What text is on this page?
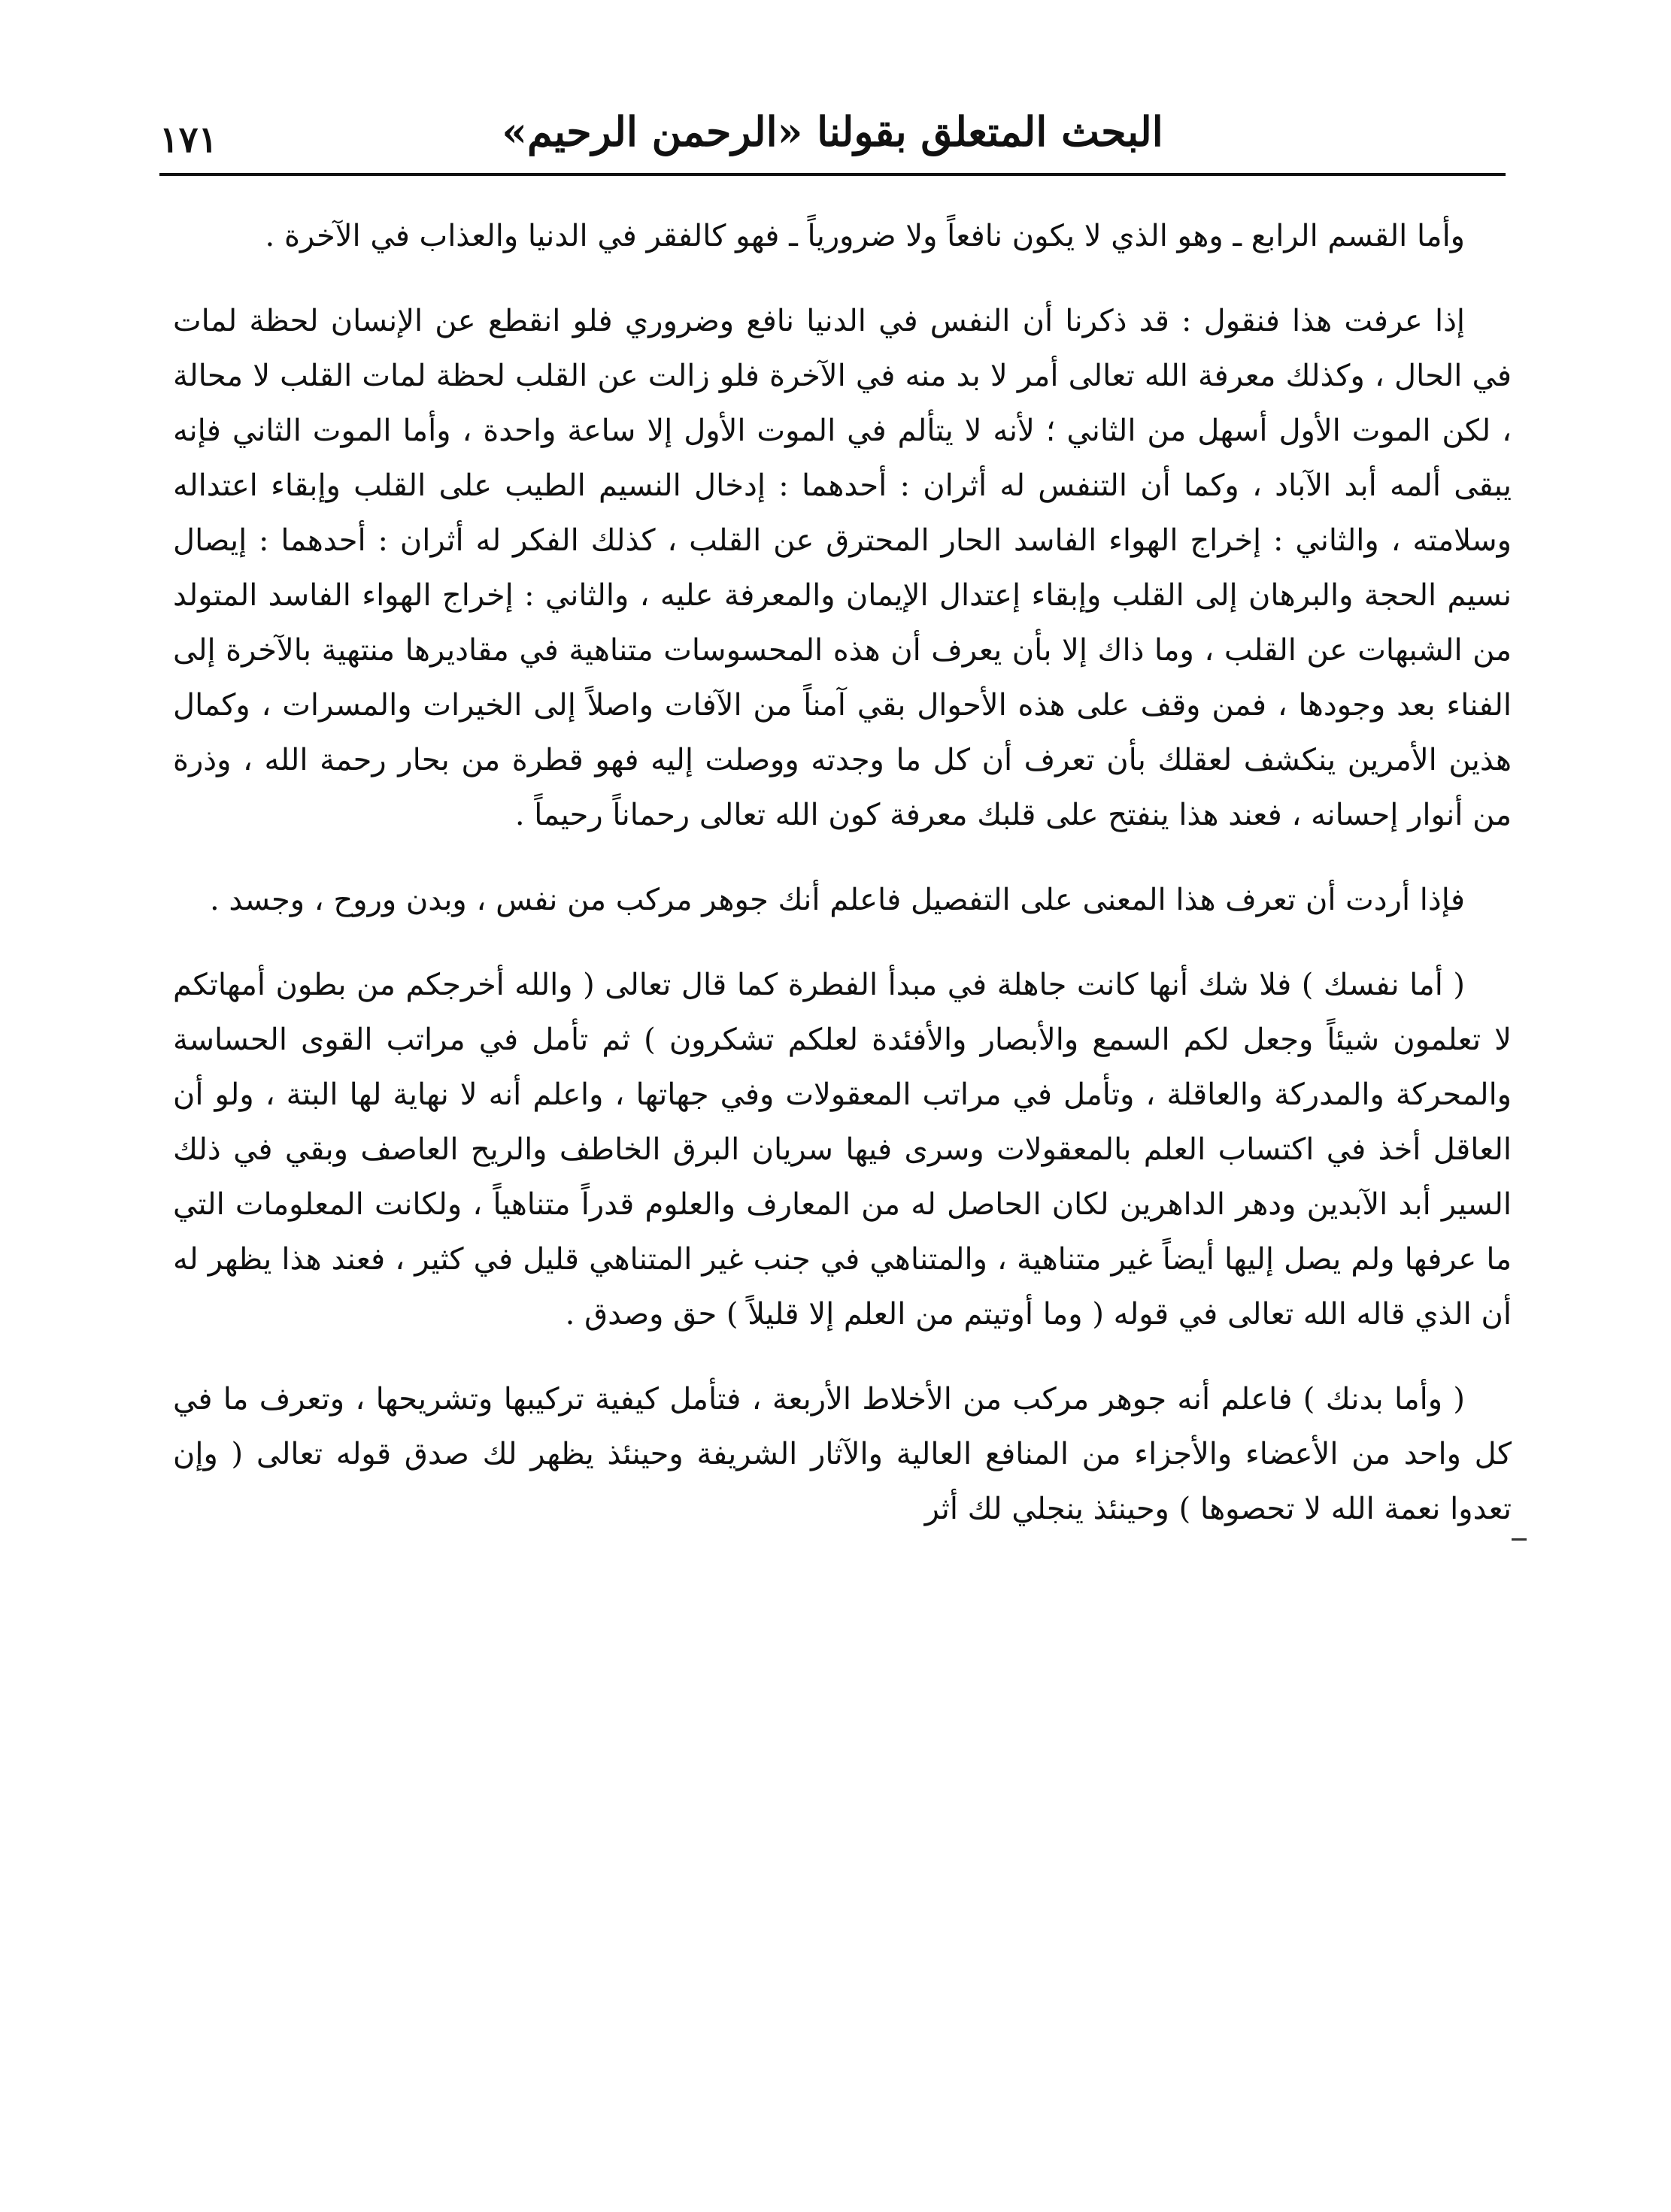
البحث المتعلق بقولنا «الرحمن الرحيم»
١٧١

وأما القسم الرابع ـ وهو الذي لا يكون نافعاً ولا ضرورياً ـ فهو كالفقر في الدنيا والعذاب في الآخرة .

إذا عرفت هذا فنقول : قد ذكرنا أن النفس في الدنيا نافع وضروري فلو انقطع عن الإنسان لحظة لمات في الحال ، وكذلك معرفة الله تعالى أمر لا بد منه في الآخرة فلو زالت عن القلب لحظة لمات القلب لا محالة ، لكن الموت الأول أسهل من الثاني ؛ لأنه لا يتألم في الموت الأول إلا ساعة واحدة ، وأما الموت الثاني فإنه يبقى ألمه أبد الآباد ، وكما أن التنفس له أثران : أحدهما : إدخال النسيم الطيب على القلب وإبقاء اعتداله وسلامته ، والثاني : إخراج الهواء الفاسد الحار المحترق عن القلب ، كذلك الفكر له أثران : أحدهما : إيصال نسيم الحجة والبرهان إلى القلب وإبقاء إعتدال الإيمان والمعرفة عليه ، والثاني : إخراج الهواء الفاسد المتولد من الشبهات عن القلب ، وما ذاك إلا بأن يعرف أن هذه المحسوسات متناهية في مقاديرها منتهية بالآخرة إلى الفناء بعد وجودها ، فمن وقف على هذه الأحوال بقي آمناً من الآفات واصلاً إلى الخيرات والمسرات ، وكمال هذين الأمرين ينكشف لعقلك بأن تعرف أن كل ما وجدته ووصلت إليه فهو قطرة من بحار رحمة الله ، وذرة من أنوار إحسانه ، فعند هذا ينفتح على قلبك معرفة كون الله تعالى رحماناً رحيماً .

فإذا أردت أن تعرف هذا المعنى على التفصيل فاعلم أنك جوهر مركب من نفس ، وبدن وروح ، وجسد .

( أما نفسك ) فلا شك أنها كانت جاهلة في مبدأ الفطرة كما قال تعالى ( والله أخرجكم من بطون أمهاتكم لا تعلمون شيئاً وجعل لكم السمع والأبصار والأفئدة لعلكم تشكرون ) ثم تأمل في مراتب القوى الحساسة والمحركة والمدركة والعاقلة ، وتأمل في مراتب المعقولات وفي جهاتها ، واعلم أنه لا نهاية لها البتة ، ولو أن العاقل أخذ في اكتساب العلم بالمعقولات وسرى فيها سريان البرق الخاطف والريح العاصف وبقي في ذلك السير أبد الآبدين ودهر الداهرين لكان الحاصل له من المعارف والعلوم قدراً متناهياً ، ولكانت المعلومات التي ما عرفها ولم يصل إليها أيضاً غير متناهية ، والمتناهي في جنب غير المتناهي قليل في كثير ، فعند هذا يظهر له أن الذي قاله الله تعالى في قوله ( وما أوتيتم من العلم إلا قليلاً ) حق وصدق .

( وأما بدنك ) فاعلم أنه جوهر مركب من الأخلاط الأربعة ، فتأمل كيفية تركيبها وتشريحها ، وتعرف ما في كل واحد من الأعضاء والأجزاء من المنافع العالية والآثار الشريفة وحينئذ يظهر لك صدق قوله تعالى ( وإن تعدوا نعمة الله لا تحصوها ) وحينئذ ينجلي لك أثر
